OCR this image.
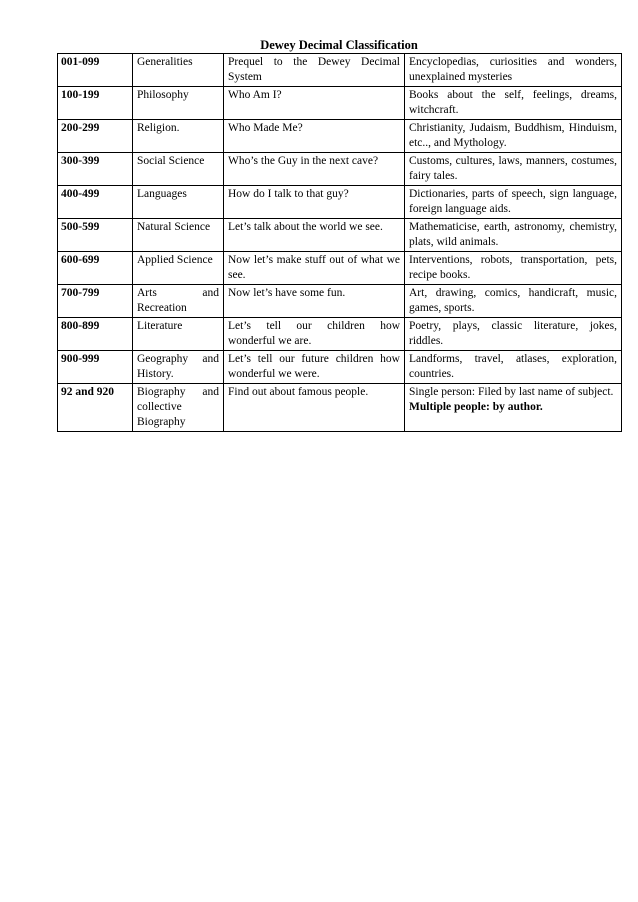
Dewey Decimal Classification
001-099	Generalities	Prequel to the Dewey Decimal System	Encyclopedias, curiosities and wonders, unexplained mysteries
100-199	Philosophy	Who Am I?	Books about the self, feelings, dreams, witchcraft.
200-299	Religion.	Who Made Me?	Christianity, Judaism, Buddhism, Hinduism, etc.., and Mythology.
300-399	Social Science	Who’s the Guy in the next cave?	Customs, cultures, laws, manners, costumes, fairy tales.
400-499	Languages	How do I talk to that guy?	Dictionaries, parts of speech, sign language, foreign language aids.
500-599	Natural Science	Let’s talk about the world we see.	Mathematicise, earth, astronomy, chemistry, plats, wild animals.
600-699	Applied Science	Now let’s make stuff out of what we see.	Interventions, robots, transportation, pets, recipe books.
700-799	Arts and Recreation	Now let’s have some fun.	Art, drawing, comics, handicraft, music, games, sports.
800-899	Literature	Let’s tell our children how wonderful we are.	Poetry, plays, classic literature, jokes, riddles.
900-999	Geography and History.	Let’s tell our future children how wonderful we were.	Landforms, travel, atlases, exploration, countries.
92 and 920	Biography and collective Biography	Find out about famous people.	Single person: Filed by last name of subject.
Multiple people: by author.
